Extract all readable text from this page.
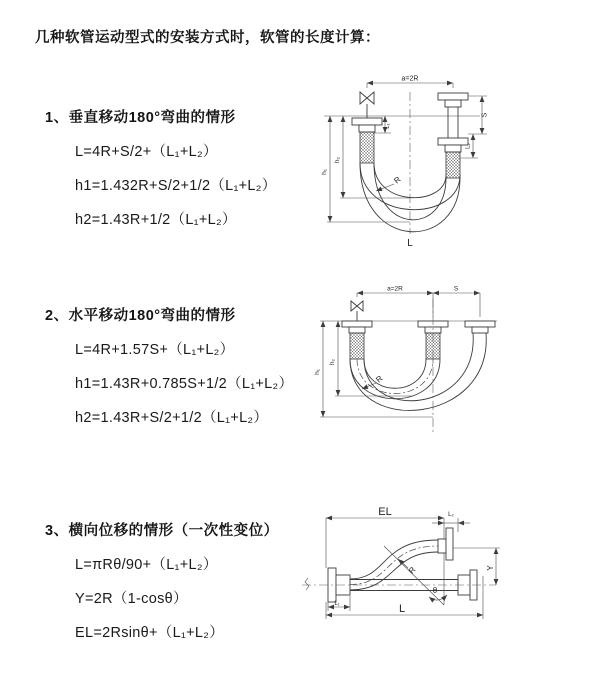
几种软管运动型式的安装方式时，软管的长度计算：
1、垂直移动180°弯曲的情形
L=4R+S/2+（L₁+L₂）
h1=1.432R+S/2+1/2（L₁+L₂）
h2=1.43R+1/2（L₁+L₂）
2、水平移动180°弯曲的情形
L=4R+1.57S+（L₁+L₂）
h1=1.43R+0.785S+1/2（L₁+L₂）
h2=1.43R+S/2+1/2（L₁+L₂）
3、横向位移的情形（一次性变位）
L=πRθ/90+（L₁+L₂）
Y=2R（1-cosθ）
EL=2Rsinθ+（L₁+L₂）
a=2R
L₁
S
L₂
h₁
h₂
R
L
a=2R	S
h₁
h₂
R
EL	L₂
R
θ
Y
L₁	L
